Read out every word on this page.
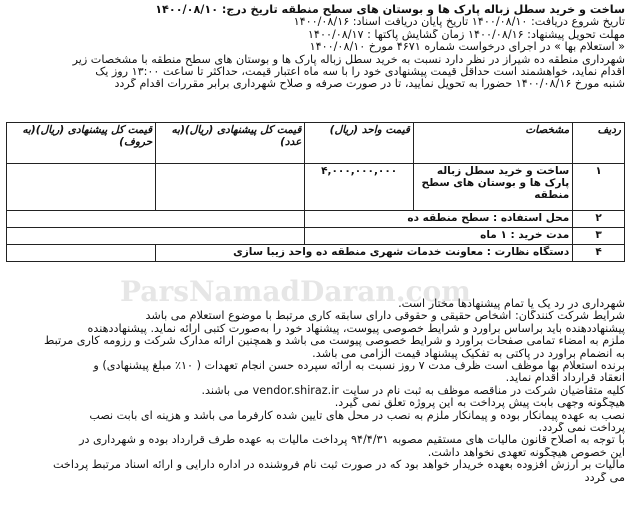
ساخت و خرید سطل زباله پارک ها و بوستان های سطح منطقه تاریخ درج: ۱۴۰۰/۰۸/۱۰
تاریخ شروع دریافت: ۱۴۰۰/۰۸/۱۰ تاریخ پایان دریافت اسناد: ۱۴۰۰/۰۸/۱۶
مهلت تحویل پیشنهاد: ۱۴۰۰/۰۸/۱۶ زمان گشایش پاکتها : ۱۴۰۰/۰۸/۱۷
« استعلام بها » در اجرای درخواست شماره ۴۶۷۱ مورخ ۱۴۰۰/۰۸/۱۰
شهرداری منطقه ده شیراز در نظر دارد نسبت به خرید سطل زباله پارک ها و بوستان های سطح منطقه با مشخصات زیر
اقدام نماید، خواهشمند است حداقل قیمت پیشنهادی خود را با سه ماه اعتبار قیمت، حداکثر تا ساعت ۱۳:۰۰ روز یک
شنبه مورخ ۱۴۰۰/۰۸/۱۶ حضورا به تحویل نمایید، تا در صورت صرفه و صلاح شهرداری برابر مقررات اقدام گردد
ردیف	مشخصات	قیمت واحد (ریال)	قیمت کل پیشنهادی (ریال)(به عدد)	قیمت کل پیشنهادی (ریال)(به حروف)
۱	ساخت و خرید سطل زباله پارک ها و بوستان های سطح منطقه	۴,۰۰۰,۰۰۰,۰۰۰		

۲	محل استفاده : سطح منطقه ده			
۳	مدت خرید : ۱ ماه			
۴	دستگاه نظارت : معاونت خدمات شهری منطقه ده واحد زیبا سازی			
ParsNamadDaran.com
شهرداری در رد یک یا تمام پیشنهادها مختار است.
شرایط شرکت کنندگان: اشخاص حقیقی و حقوقی دارای سابقه کاری مرتبط با موضوع استعلام می باشد
پیشنهاددهنده باید براساس برآورد و شرایط خصوصی پیوست، پیشنهاد خود را به‌صورت کتبی ارائه نماید. پیشنهاددهنده
ملزم به امضاء تمامی صفحات برآورد و شرایط خصوصی پیوست می باشد و همچنین ارائه مدارک شرکت و رزومه کاری مرتبط
به انضمام برآورد در پاکتی به تفکیک پیشنهاد قیمت الزامی می باشد.
برنده استعلام بها موظف است ظرف مدت ۷ روز نسبت به ارائه سپرده حسن انجام تعهدات ( ۱۰٪ مبلغ پیشنهادی) و
انعقاد قرارداد اقدام نماید.
کلیه متقاضیان شرکت در مناقصه موظف به ثبت نام در سایت vendor.shiraz.ir می باشند.
هیچگونه وجهی بابت پیش پرداخت به این پروژه تعلق نمی گیرد.
نصب به عهده پیمانکار بوده و پیمانکار ملزم به نصب در محل های تایین شده کارفرما می باشد و هزینه ای بابت نصب
پرداخت نمی گردد.
با توجه به اصلاح قانون مالیات های مستقیم مصوبه ۹۴/۴/۳۱ پرداخت مالیات به عهده طرف قرارداد بوده و شهرداری در
این خصوص هیچگونه تعهدی نخواهد داشت.
مالیات بر ارزش افزوده بعهده خریدار خواهد بود که در صورت ثبت نام فروشنده در اداره دارایی و ارائه اسناد مرتبط پرداخت
می گردد
